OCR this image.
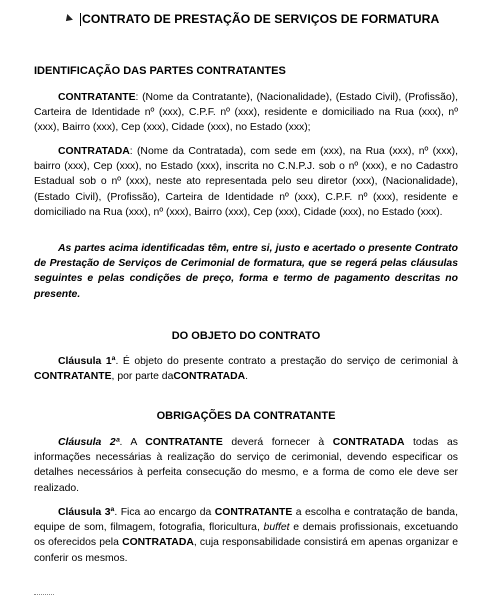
CONTRATO DE PRESTAÇÃO DE SERVIÇOS DE FORMATURA
IDENTIFICAÇÃO DAS PARTES CONTRATANTES

CONTRATANTE: (Nome da Contratante), (Nacionalidade), (Estado Civil), (Profissão), Carteira de Identidade nº (xxx), C.P.F. nº (xxx), residente e domiciliado na Rua (xxx), nº (xxx), Bairro (xxx), Cep (xxx), Cidade (xxx), no Estado (xxx);

CONTRATADA: (Nome da Contratada), com sede em (xxx), na Rua (xxx), nº (xxx), bairro (xxx), Cep (xxx), no Estado (xxx), inscrita no C.N.P.J. sob o nº (xxx), e no Cadastro Estadual sob o nº (xxx), neste ato representada pelo seu diretor (xxx), (Nacionalidade), (Estado Civil), (Profissão), Carteira de Identidade nº (xxx), C.P.F. nº (xxx), residente e domiciliado na Rua (xxx), nº (xxx), Bairro (xxx), Cep (xxx), Cidade (xxx), no Estado (xxx).

As partes acima identificadas têm, entre si, justo e acertado o presente Contrato de Prestação de Serviços de Cerimonial de formatura, que se regerá pelas cláusulas seguintes e pelas condições de preço, forma e termo de pagamento descritas no presente.

DO OBJETO DO CONTRATO

Cláusula 1ª. É objeto do presente contrato a prestação do serviço de cerimonial à CONTRATANTE, por parte daCONTRATADA.

OBRIGAÇÕES DA CONTRATANTE

Cláusula 2ª. A CONTRATANTE deverá fornecer à CONTRATADA todas as informações necessárias à realização do serviço de cerimonial, devendo especificar os detalhes necessários à perfeita consecução do mesmo, e a forma de como ele deve ser realizado.

Cláusula 3ª. Fica ao encargo da CONTRATANTE a escolha e contratação de banda, equipe de som, filmagem, fotografia, floricultura, buffet e demais profissionais, excetuando os oferecidos pela CONTRATADA, cuja responsabilidade consistirá em apenas organizar e conferir os mesmos.
